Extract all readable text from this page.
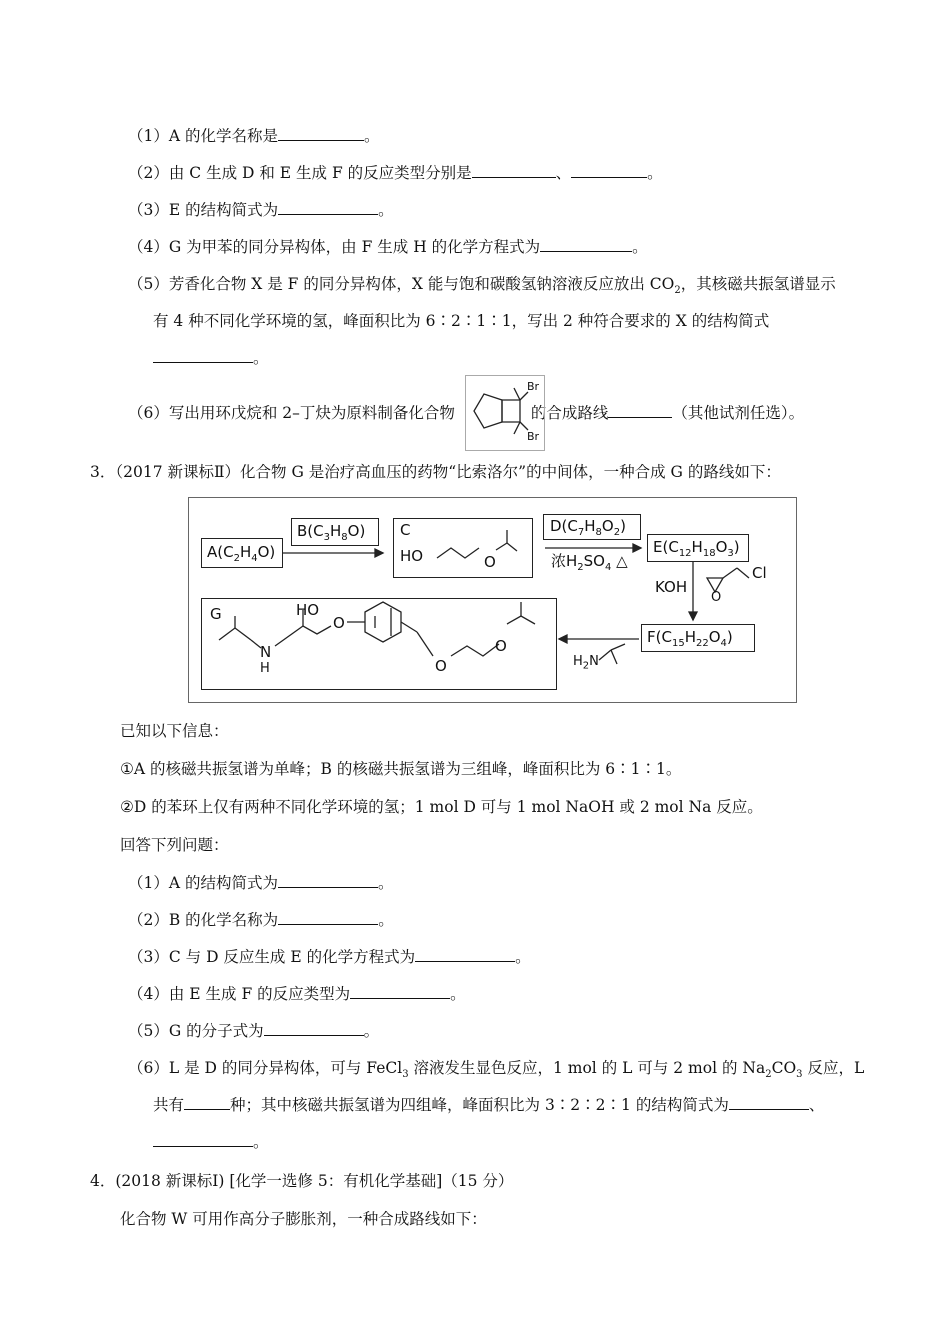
（1）A 的化学名称是	。
（2）由 C 生成 D 和 E 生成 F 的反应类型分别是	、	。
（3）E 的结构简式为	。
（4）G 为甲苯的同分异构体，由 F 生成 H 的化学方程式为	。
（5）芳香化合物 X 是 F 的同分异构体，X 能与饱和碳酸氢钠溶液反应放出 $CO_2$，其核磁共振氢谱显示
有 4 种不同化学环境的氢，峰面积比为 6∶2∶1∶1，写出 2 种符合要求的 X 的结构简式
。
（6）写出用环戊烷和 2–丁炔为原料制备化合物	的合成路线	（其他试剂任选）。
Br
Br
3．（2017 新课标Ⅱ）化合物 G 是治疗高血压的药物“比索洛尔”的中间体，一种合成 G 的路线如下：
$A(C_2H_4O)$
$B(C_3H_8O)$ C
HO	O
$D(C_7H_8O_2)$
浓$H_2SO_4$ △
$E(C_{12}H_{18}O_3)$
KOH
O
Cl
$F(C_{15}H_{22}O_4)$
$H_2N$
G	HO
N
H
O
O
O
已知以下信息：
①A 的核磁共振氢谱为单峰；B 的核磁共振氢谱为三组峰，峰面积比为 6∶1∶1。
②D 的苯环上仅有两种不同化学环境的氢；1 mol D 可与 1 mol NaOH 或 2 mol Na 反应。
回答下列问题：
（1）A 的结构简式为	。
（2）B 的化学名称为	。
（3）C 与 D 反应生成 E 的化学方程式为	。
（4）由 E 生成 F 的反应类型为	。
（5）G 的分子式为	。
（6）L 是 D 的同分异构体，可与 FeCl$_3$ 溶液发生显色反应，1 mol 的 L 可与 2 mol 的 $Na_2CO_3$ 反应，L
共有	种；其中核磁共振氢谱为四组峰，峰面积比为 3∶2∶2∶1 的结构简式为	、
。
4．(2018 新课标Ⅰ) [化学一选修 5：有机化学基础]（15 分）
化合物 W 可用作高分子膨胀剂，一种合成路线如下：
